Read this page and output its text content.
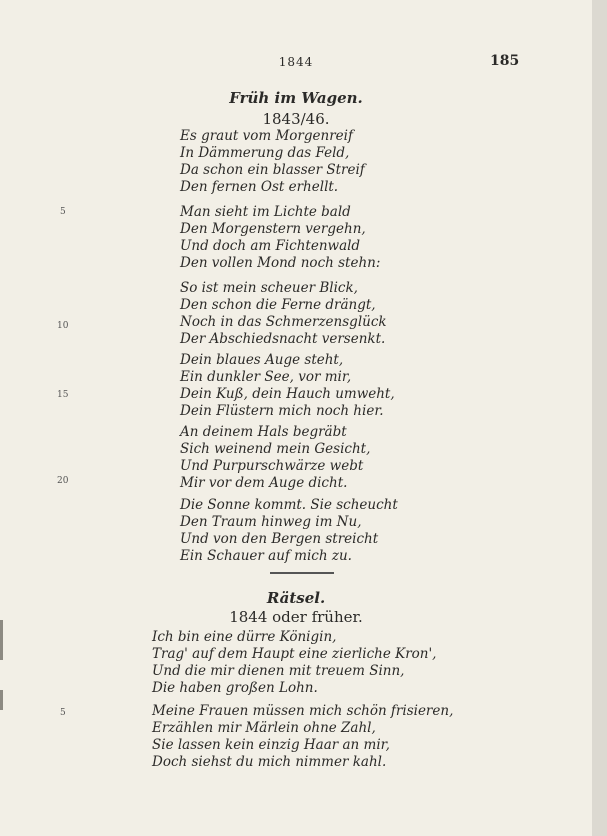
1844	185
Früh im Wagen.
1843/46.
Es graut vom Morgenreif
In Dämmerung das Feld,
Da schon ein blasser Streif
Den fernen Ost erhellt.
Man sieht im Lichte bald
Den Morgenstern vergehn,
Und doch am Fichtenwald
Den vollen Mond noch stehn:
So ist mein scheuer Blick,
Den schon die Ferne drängt,
Noch in das Schmerzensglück
Der Abschiedsnacht versenkt.
Dein blaues Auge steht,
Ein dunkler See, vor mir,
Dein Kuß, dein Hauch umweht,
Dein Flüstern mich noch hier.
An deinem Hals begräbt
Sich weinend mein Gesicht,
Und Purpurschwärze webt
Mir vor dem Auge dicht.
Die Sonne kommt. Sie scheucht
Den Traum hinweg im Nu,
Und von den Bergen streicht
Ein Schauer auf mich zu.
5
10
15
20
Rätsel.
1844 oder früher.
Ich bin eine dürre Königin,
Trag' auf dem Haupt eine zierliche Kron',
Und die mir dienen mit treuem Sinn,
Die haben großen Lohn.
Meine Frauen müssen mich schön frisieren,
Erzählen mir Märlein ohne Zahl,
Sie lassen kein einzig Haar an mir,
Doch siehst du mich nimmer kahl.
5
